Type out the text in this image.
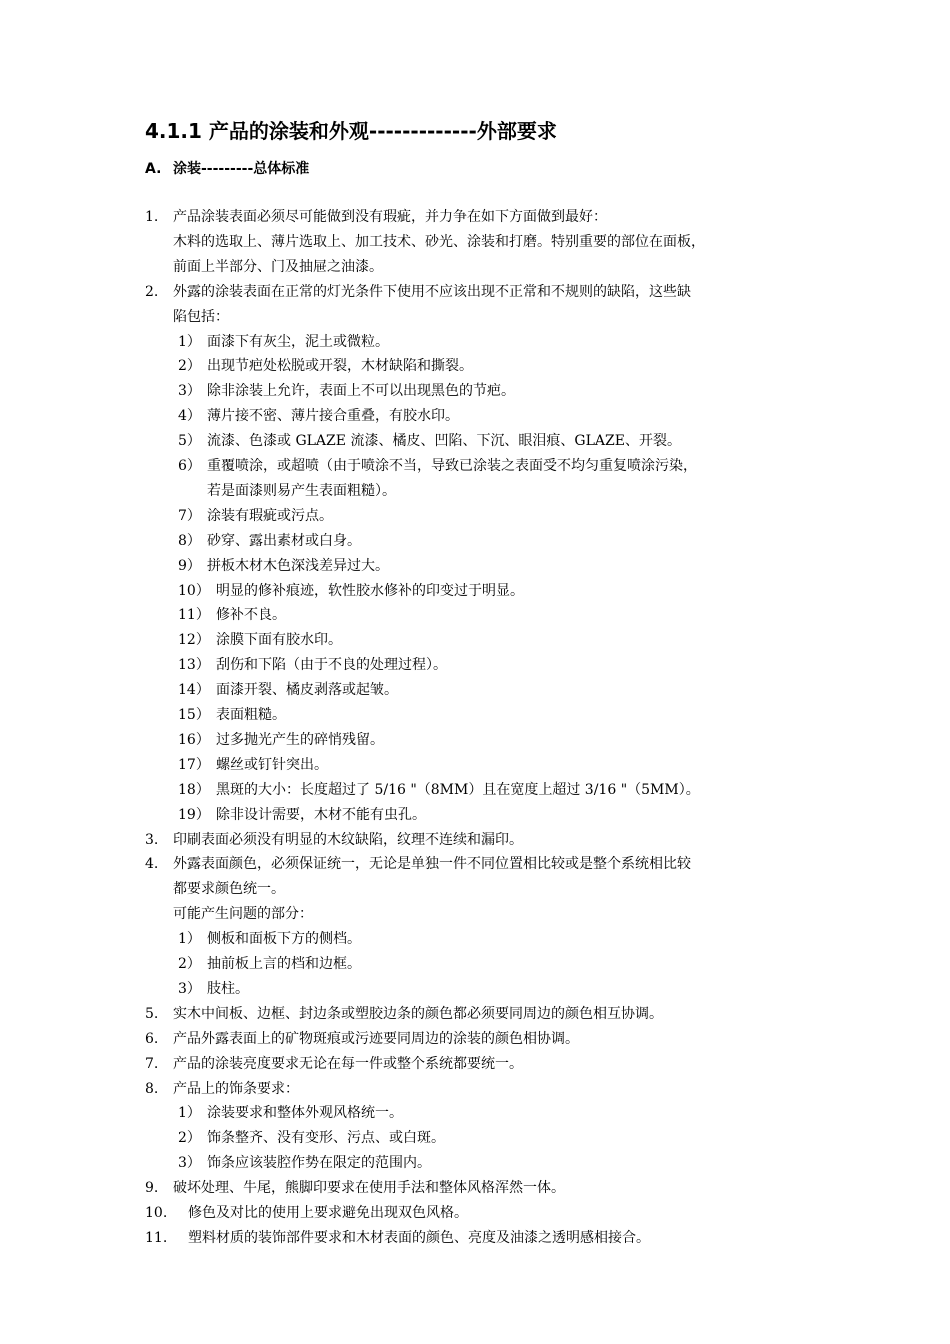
4.1.1 产品的涂装和外观-------------外部要求
A. 涂装---------总体标准
1. 产品涂装表面必须尽可能做到没有瑕疵，并力争在如下方面做到最好：
木料的选取上、薄片选取上、加工技术、砂光、涂装和打磨。特别重要的部位在面板，
前面上半部分、门及抽屉之油漆。
2. 外露的涂装表面在正常的灯光条件下使用不应该出现不正常和不规则的缺陷，这些缺
陷包括：
1） 面漆下有灰尘，泥土或微粒。
2） 出现节疤处松脱或开裂，木材缺陷和撕裂。
3） 除非涂装上允许，表面上不可以出现黑色的节疤。
4） 薄片接不密、薄片接合重叠，有胶水印。
5） 流漆、色漆或 GLAZE 流漆、橘皮、凹陷、下沉、眼泪痕、GLAZE、开裂。
6） 重覆喷涂，或超喷（由于喷涂不当，导致已涂装之表面受不均匀重复喷涂污染，
若是面漆则易产生表面粗糙）。
7） 涂装有瑕疵或污点。
8） 砂穿、露出素材或白身。
9） 拼板木材木色深浅差异过大。
10） 明显的修补痕迹，软性胶水修补的印变过于明显。
11） 修补不良。
12） 涂膜下面有胶水印。
13） 刮伤和下陷（由于不良的处理过程）。
14） 面漆开裂、橘皮剥落或起皱。
15） 表面粗糙。
16） 过多抛光产生的碎悄残留。
17） 螺丝或钉针突出。
18） 黑斑的大小：长度超过了 5/16 "（8MM）且在宽度上超过 3/16 "（5MM）。
19） 除非设计需要，木材不能有虫孔。
3. 印刷表面必须没有明显的木纹缺陷，纹理不连续和漏印。
4. 外露表面颜色，必须保证统一，无论是单独一件不同位置相比较或是整个系统相比较
都要求颜色统一。
可能产生问题的部分：
1） 侧板和面板下方的侧档。
2） 抽前板上言的档和边框。
3） 肢柱。
5. 实木中间板、边框、封边条或塑胶边条的颜色都必须要同周边的颜色相互协调。
6. 产品外露表面上的矿物斑痕或污迹要同周边的涂装的颜色相协调。
7. 产品的涂装亮度要求无论在每一件或整个系统都要统一。
8. 产品上的饰条要求：
1） 涂装要求和整体外观风格统一。
2） 饰条整齐、没有变形、污点、或白斑。
3） 饰条应该装腔作势在限定的范围内。
9. 破坏处理、牛尾，熊脚印要求在使用手法和整体风格浑然一体。
10. 修色及对比的使用上要求避免出现双色风格。
11. 塑料材质的装饰部件要求和木材表面的颜色、亮度及油漆之透明感相接合。
